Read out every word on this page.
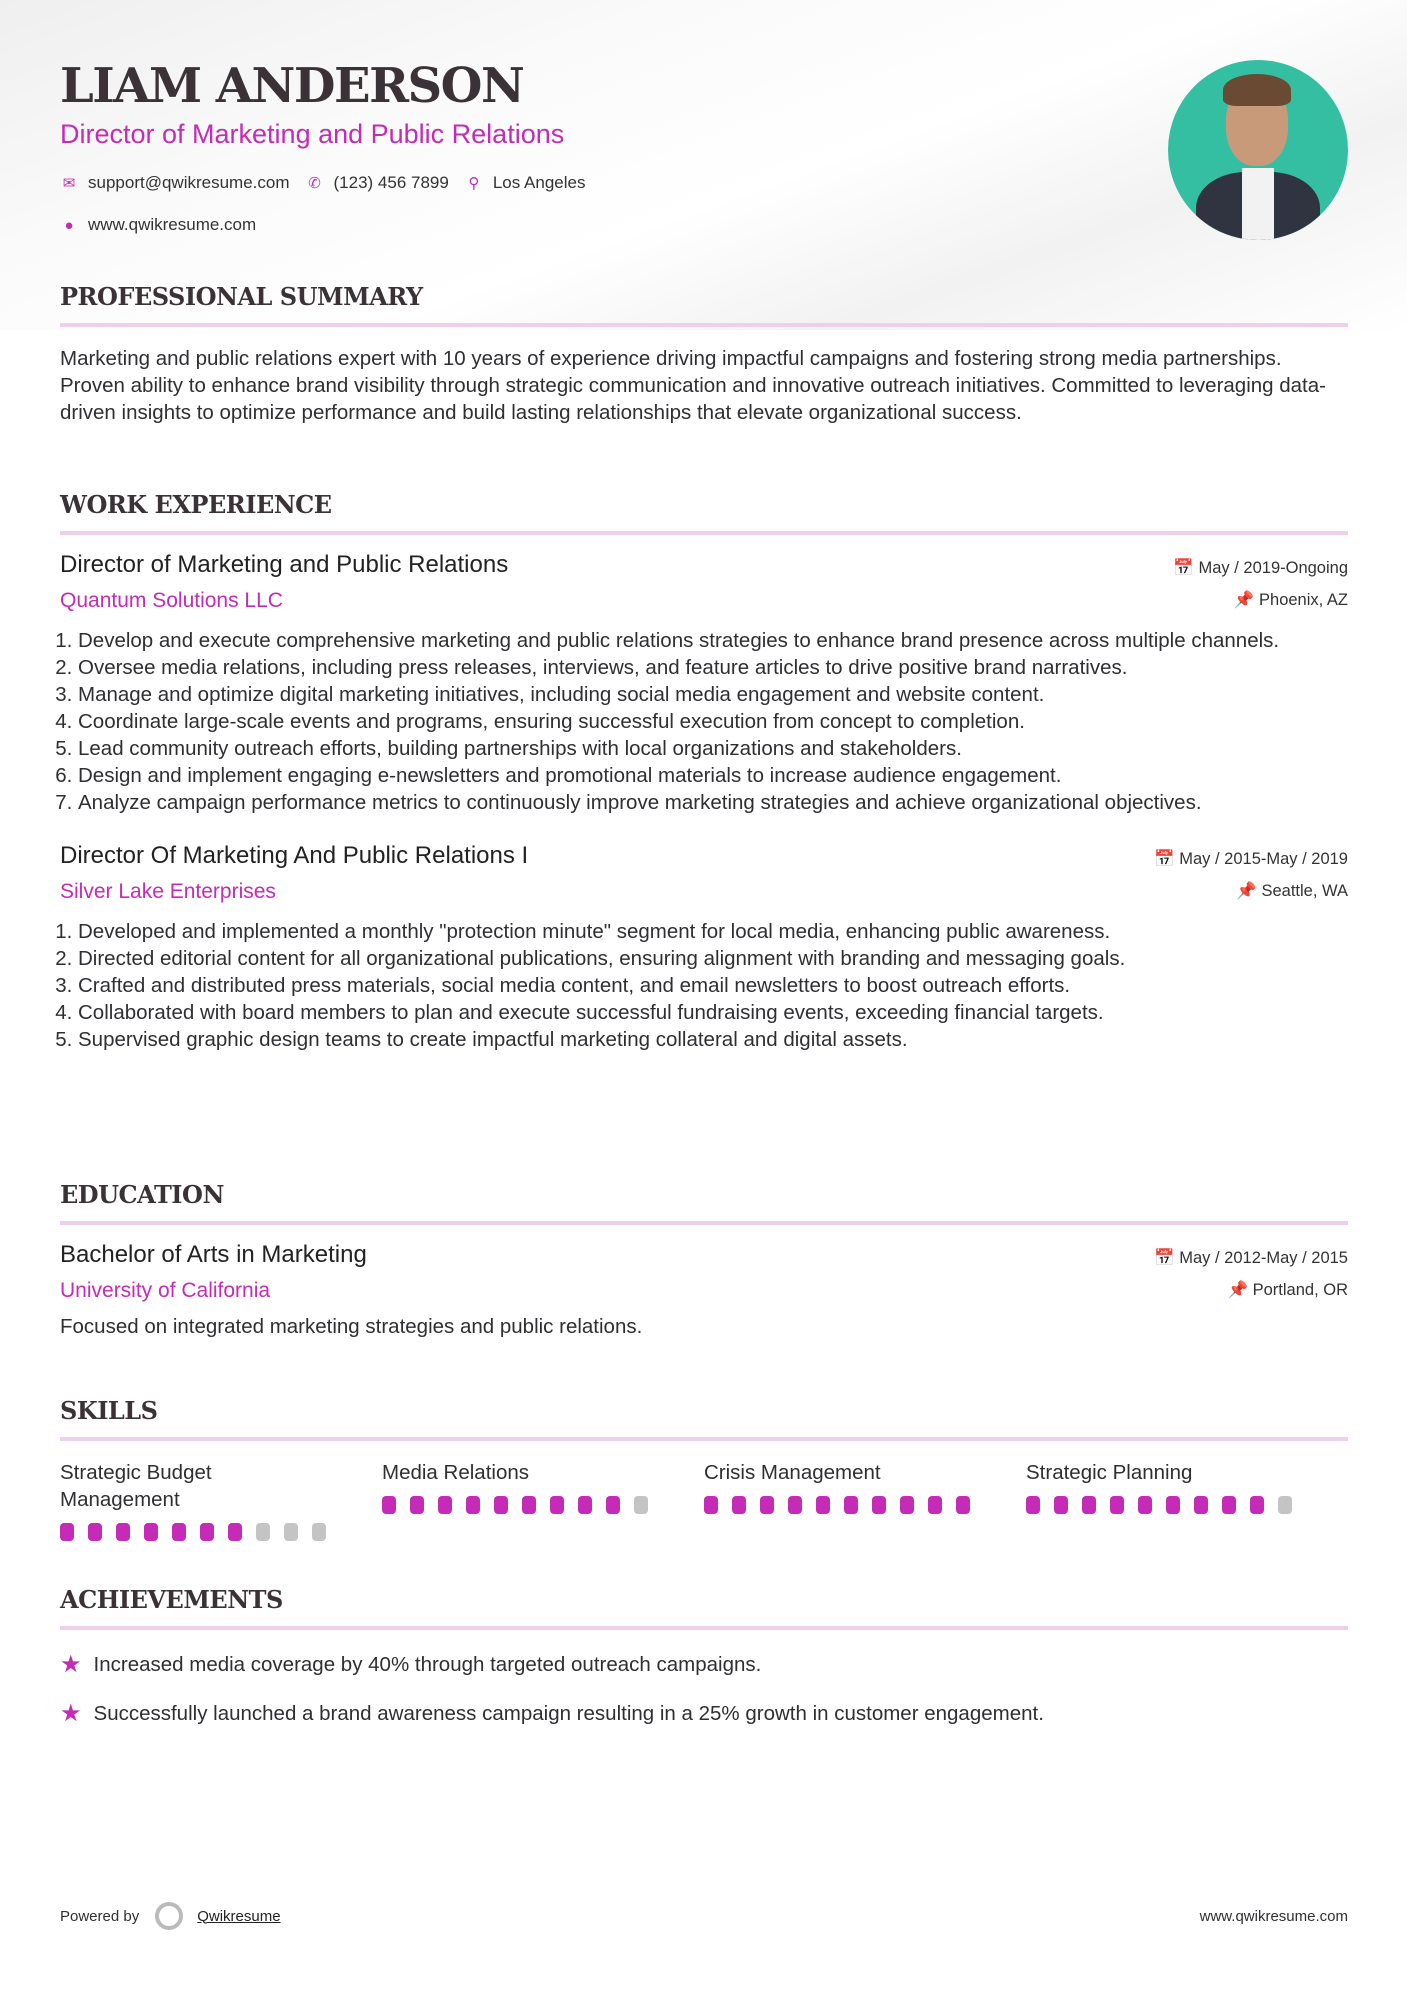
LIAM ANDERSON
Director of Marketing and Public Relations
✉ support@qwikresume.com ✆ (123) 456 7899 ⚲ Los Angeles
● www.qwikresume.com
PROFESSIONAL SUMMARY

Marketing and public relations expert with 10 years of experience driving impactful campaigns and fostering strong media partnerships. Proven ability to enhance brand visibility through strategic communication and innovative outreach initiatives. Committed to leveraging data-driven insights to optimize performance and build lasting relationships that elevate organizational success.

WORK EXPERIENCE
Director of Marketing and Public Relations
Quantum Solutions LLC
📅 May / 2019-Ongoing
📌 Phoenix, AZ
1. Develop and execute comprehensive marketing and public relations strategies to enhance brand presence across multiple channels.
2. Oversee media relations, including press releases, interviews, and feature articles to drive positive brand narratives.
3. Manage and optimize digital marketing initiatives, including social media engagement and website content.
4. Coordinate large-scale events and programs, ensuring successful execution from concept to completion.
5. Lead community outreach efforts, building partnerships with local organizations and stakeholders.
6. Design and implement engaging e-newsletters and promotional materials to increase audience engagement.
7. Analyze campaign performance metrics to continuously improve marketing strategies and achieve organizational objectives.
Director Of Marketing And Public Relations I
Silver Lake Enterprises
📅 May / 2015-May / 2019
📌 Seattle, WA
1. Developed and implemented a monthly "protection minute" segment for local media, enhancing public awareness.
2. Directed editorial content for all organizational publications, ensuring alignment with branding and messaging goals.
3. Crafted and distributed press materials, social media content, and email newsletters to boost outreach efforts.
4. Collaborated with board members to plan and execute successful fundraising events, exceeding financial targets.
5. Supervised graphic design teams to create impactful marketing collateral and digital assets.
EDUCATION
Bachelor of Arts in Marketing
University of California
📅 May / 2012-May / 2015
📌 Portland, OR

Focused on integrated marketing strategies and public relations.

SKILLS
Strategic Budget Management
Media Relations	Crisis Management	Strategic Planning
ACHIEVEMENTS
★ Increased media coverage by 40% through targeted outreach campaigns.
★ Successfully launched a brand awareness campaign resulting in a 25% growth in customer engagement.
Powered by	Qwikresume	www.qwikresume.com
